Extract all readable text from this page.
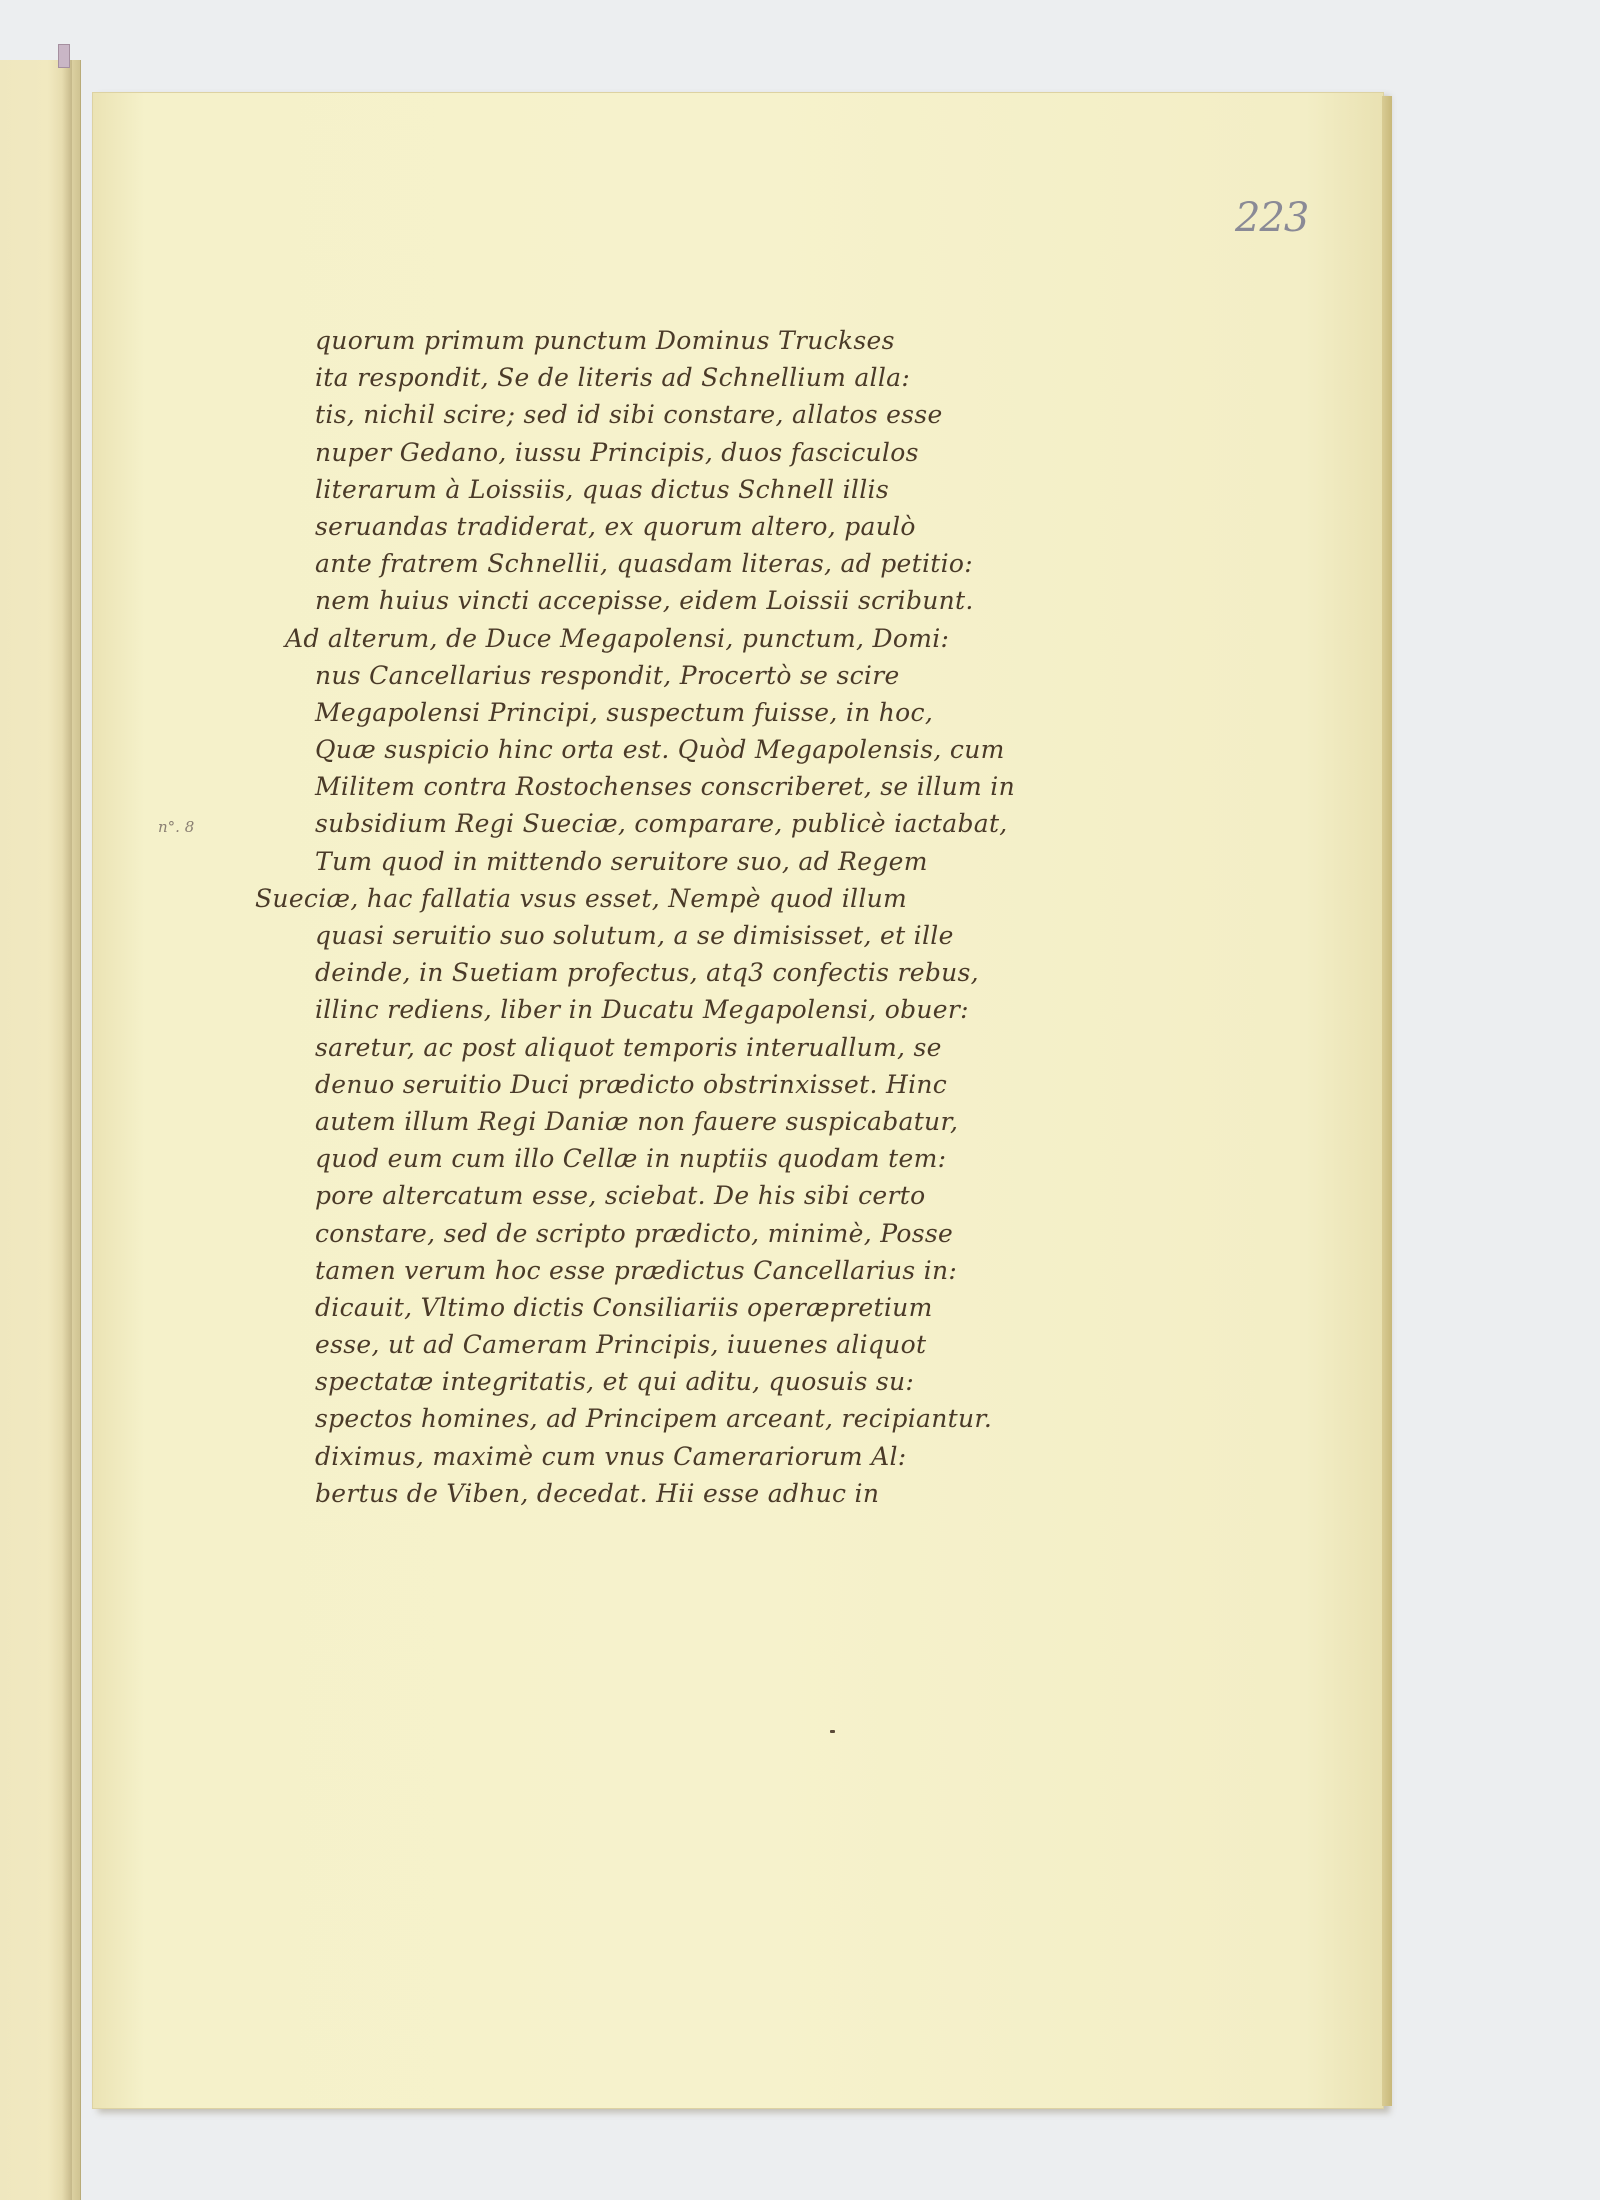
223
n°. 8
quorum primum punctum Dominus Truckses
ita respondit, Se de literis ad Schnellium alla:
tis, nichil scire; sed id sibi constare, allatos esse
nuper Gedano, iussu Principis, duos fasciculos
literarum à Loissiis, quas dictus Schnell illis
seruandas tradiderat, ex quorum altero, paulò
ante fratrem Schnellii, quasdam literas, ad petitio:
nem huius vincti accepisse, eidem Loissii scribunt.
Ad alterum, de Duce Megapolensi, punctum, Domi:
nus Cancellarius respondit, Procertò se scire
Megapolensi Principi, suspectum fuisse, in hoc,
Quæ suspicio hinc orta est. Quòd Megapolensis, cum
Militem contra Rostochenses conscriberet, se illum in
subsidium Regi Sueciæ, comparare, publicè iactabat,
Tum quod in mittendo seruitore suo, ad Regem
Sueciæ, hac fallatia vsus esset, Nempè quod illum
quasi seruitio suo solutum, a se dimisisset, et ille
deinde, in Suetiam profectus, atq3 confectis rebus,
illinc rediens, liber in Ducatu Megapolensi, obuer:
saretur, ac post aliquot temporis interuallum, se
denuo seruitio Duci prædicto obstrinxisset. Hinc
autem illum Regi Daniæ non fauere suspicabatur,
quod eum cum illo Cellæ in nuptiis quodam tem:
pore altercatum esse, sciebat. De his sibi certo
constare, sed de scripto prædicto, minimè, Posse
tamen verum hoc esse prædictus Cancellarius in:
dicauit, Vltimo dictis Consiliariis operæpretium
esse, ut ad Cameram Principis, iuuenes aliquot
spectatæ integritatis, et qui aditu, quosuis su:
spectos homines, ad Principem arceant, recipiantur.
diximus, maximè cum vnus Camerariorum Al:
bertus de Viben, decedat. Hii esse adhuc in
